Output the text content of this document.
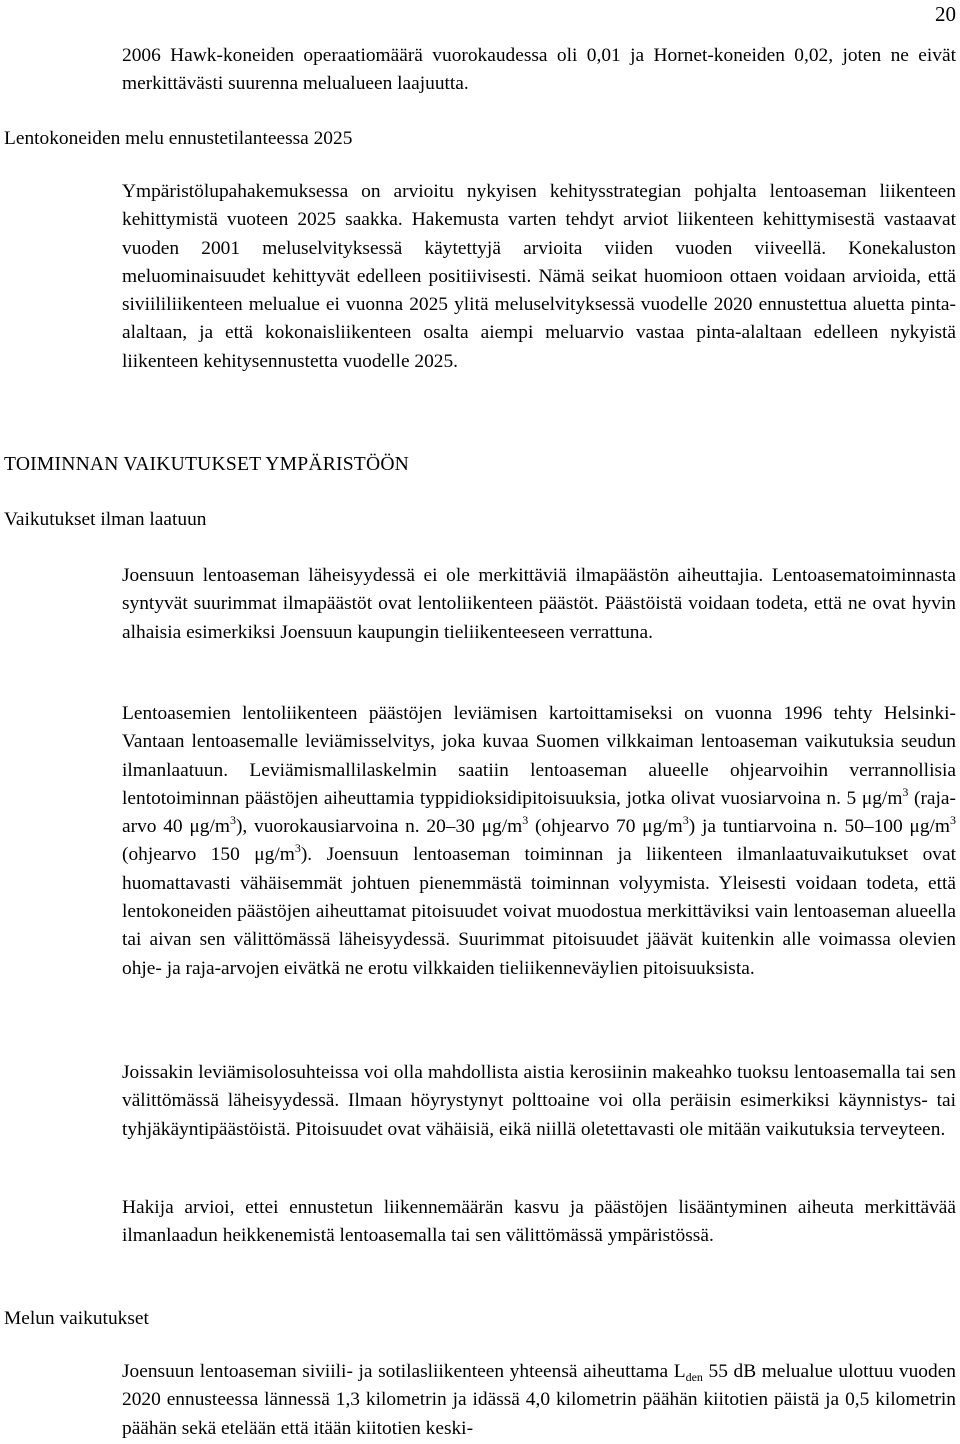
20

2006 Hawk-koneiden operaatiomäärä vuorokaudessa oli 0,01 ja Hornet-koneiden 0,02, joten ne eivät merkittävästi suurenna melualueen laajuutta.

Lentokoneiden melu ennustetilanteessa 2025

Ympäristölupahakemuksessa on arvioitu nykyisen kehitysstrategian pohjalta lentoaseman liikenteen kehittymistä vuoteen 2025 saakka. Hakemusta varten tehdyt arviot liikenteen kehittymisestä vastaavat vuoden 2001 meluselvityksessä käytettyjä arvioita viiden vuoden viiveellä. Konekaluston meluominaisuudet kehittyvät edelleen positiivisesti. Nämä seikat huomioon ottaen voidaan arvioida, että siviililiikenteen melualue ei vuonna 2025 ylitä meluselvityksessä vuodelle 2020 ennustettua aluetta pinta-alaltaan, ja että kokonaisliikenteen osalta aiempi meluarvio vastaa pinta-alaltaan edelleen nykyistä liikenteen kehitysennustetta vuodelle 2025.

TOIMINNAN VAIKUTUKSET YMPÄRISTÖÖN
Vaikutukset ilman laatuun

Joensuun lentoaseman läheisyydessä ei ole merkittäviä ilmapäästön aiheuttajia. Lentoasematoiminnasta syntyvät suurimmat ilmapäästöt ovat lentoliikenteen päästöt. Päästöistä voidaan todeta, että ne ovat hyvin alhaisia esimerkiksi Joensuun kaupungin tieliikenteeseen verrattuna.

Lentoasemien lentoliikenteen päästöjen leviämisen kartoittamiseksi on vuonna 1996 tehty Helsinki-Vantaan lentoasemalle leviämisselvitys, joka kuvaa Suomen vilkkaiman lentoaseman vaikutuksia seudun ilmanlaatuun. Leviämismallilaskelmin saatiin lentoaseman alueelle ohjearvoihin verrannollisia lentotoiminnan päästöjen aiheuttamia typpidioksidipitoisuuksia, jotka olivat vuosiarvoina n. 5 $\mu g/m^3$ (raja-arvo 40 $\mu g/m^3$), vuorokausiarvoina n. 20–30 $\mu g/m^3$ (ohjearvo 70 $\mu g/m^3$) ja tuntiarvoina n. 50–100 $\mu g/m^3$ (ohjearvo 150 $\mu g/m^3$). Joensuun lentoaseman toiminnan ja liikenteen ilmanlaatuvaikutukset ovat huomattavasti vähäisemmät johtuen pienemmästä toiminnan volyymista. Yleisesti voidaan todeta, että lentokoneiden päästöjen aiheuttamat pitoisuudet voivat muodostua merkittäviksi vain lentoaseman alueella tai aivan sen välittömässä läheisyydessä. Suurimmat pitoisuudet jäävät kuitenkin alle voimassa olevien ohje- ja raja-arvojen eivätkä ne erotu vilkkaiden tieliikenneväylien pitoisuuksista.

Joissakin leviämisolosuhteissa voi olla mahdollista aistia kerosiinin makeahko tuoksu lentoasemalla tai sen välittömässä läheisyydessä. Ilmaan höyrystynyt polttoaine voi olla peräisin esimerkiksi käynnistys- tai tyhjäkäyntipäästöistä. Pitoisuudet ovat vähäisiä, eikä niillä oletettavasti ole mitään vaikutuksia terveyteen.

Hakija arvioi, ettei ennustetun liikennemäärän kasvu ja päästöjen lisääntyminen aiheuta merkittävää ilmanlaadun heikkenemistä lentoasemalla tai sen välittömässä ympäristössä.

Melun vaikutukset

Joensuun lentoaseman siviili- ja sotilasliikenteen yhteensä aiheuttama $L_{den}$ 55 dB melualue ulottuu vuoden 2020 ennusteessa lännessä 1,3 kilometrin ja idässä 4,0 kilometrin päähän kiitotien päistä ja 0,5 kilometrin päähän sekä etelään että itään kiitotien keski-
